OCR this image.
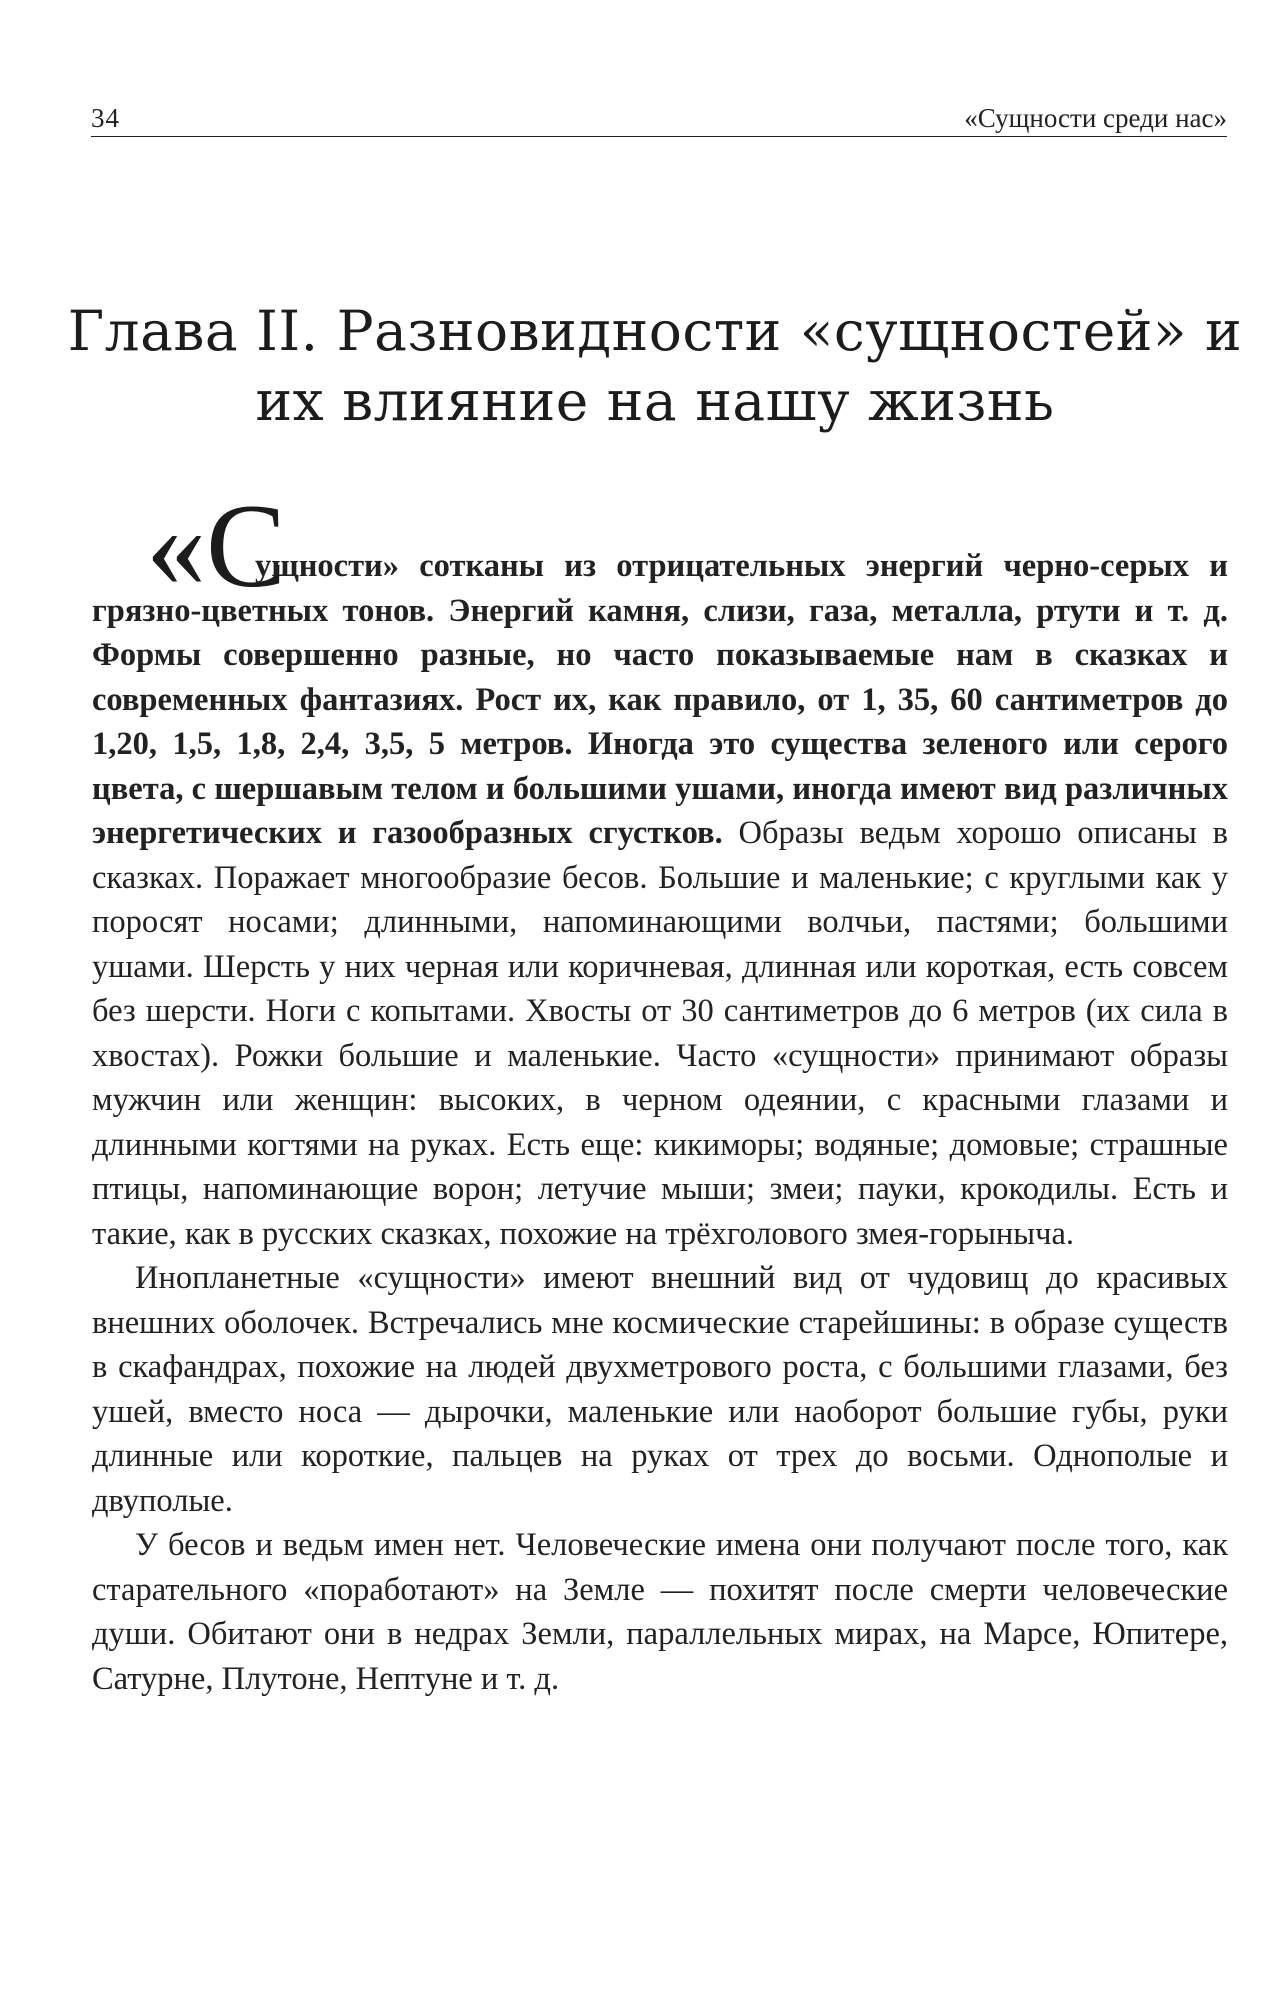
34	«Сущности среди нас»
Глава II. Разновидности «сущностей» и
их влияние на нашу жизнь
«С

ущности» сотканы из отрицательных энергий черно-серых и

грязно-цветных тонов. Энергий камня, слизи, газа, металла, ртути и т. д. Формы совершенно разные, но часто показываемые нам в сказках и современных фантазиях. Рост их, как правило, от 1, 35, 60 сантиметров до 1,20, 1,5, 1,8, 2,4, 3,5, 5 метров. Иногда это существа зеленого или серого цвета, с шершавым телом и большими ушами, иногда имеют вид различных энергетических и газообразных сгустков. Образы ведьм хорошо описаны в сказках. Поражает многообразие бесов. Большие и маленькие; с круглыми как у поросят носами; длинными, напоминающими волчьи, пастями; большими ушами. Шерсть у них черная или коричневая, длинная или короткая, есть совсем без шерсти. Ноги с копытами. Хвосты от 30 сантиметров до 6 метров (их сила в хвостах). Рожки большие и маленькие. Часто «сущности» принимают образы мужчин или женщин: высоких, в черном одеянии, с красными глазами и длинными когтями на руках. Есть еще: кикиморы; водяные; домовые; страшные птицы, напоминающие ворон; летучие мыши; змеи; пауки, крокодилы. Есть и такие, как в русских сказках, похожие на трёхголового змея-горыныча.

Инопланетные «сущности» имеют внешний вид от чудовищ до красивых внешних оболочек. Встречались мне космические старейшины: в образе существ в скафандрах, похожие на людей двухметрового роста, с большими глазами, без ушей, вместо носа — дырочки, маленькие или наоборот большие губы, руки длинные или короткие, пальцев на руках от трех до восьми. Однополые и двуполые.

У бесов и ведьм имен нет. Человеческие имена они получают после того, как старательного «поработают» на Земле — похитят после смерти человеческие души. Обитают они в недрах Земли, параллельных мирах, на Марсе, Юпитере, Сатурне, Плутоне, Нептуне и т. д.
